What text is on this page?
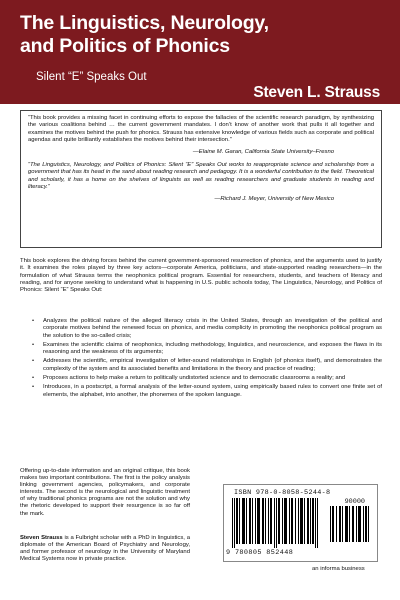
The Linguistics, Neurology,
and Politics of Phonics
Silent “E” Speaks Out
Steven L. Strauss

“This book provides a missing facet in continuing efforts to expose the fallacies of the scientific research paradigm, by synthesizing the various coalitions behind … the current government mandates. I don’t know of another work that pulls it all together and examines the motives behind the push for phonics. Strauss has extensive knowledge of various fields such as corporate and political agendas and quite brilliantly establishes the motives behind their intersection.”

—Elaine M. Garan, California State University–Fresno

“The Linguistics, Neurology, and Politics of Phonics: Silent “E” Speaks Out works to reappropriate science and scholarship from a government that has its head in the sand about reading research and pedagogy. It is a wonderful contribution to the field. Theoretical and scholarly, it has a home on the shelves of linguists as well as reading researchers and graduate students in reading and literacy.”

—Richard J. Meyer, University of New Mexico

This book explores the driving forces behind the current government-sponsored resurrection of phonics, and the arguments used to justify it. It examines the roles played by three key actors—corporate America, politicians, and state-supported reading researchers—in the formulation of what Strauss terms the neophonics political program. Essential for researchers, students, and teachers of literacy and reading, and for anyone seeking to understand what is happening in U.S. public schools today, The Linguistics, Neurology, and Politics of Phonics: Silent “E” Speaks Out:

• Analyzes the political nature of the alleged literacy crisis in the United States, through an investigation of the political and corporate motives behind the renewed focus on phonics, and media complicity in promoting the neophonics political program as the solution to the so-called crisis;
• Examines the scientific claims of neophonics, including methodology, linguistics, and neuroscience, and exposes the flaws in its reasoning and the weakness of its arguments;
• Addresses the scientific, empirical investigation of letter-sound relationships in English (of phonics itself), and demonstrates the complexity of the system and its associated benefits and limitations in the theory and practice of reading;
• Proposes actions to help make a return to politically undistorted science and to democratic classrooms a reality; and
• Introduces, in a postscript, a formal analysis of the letter-sound system, using empirically based rules to convert one finite set of elements, the alphabet, into another, the phonemes of the spoken language.

Offering up-to-date information and an original critique, this book makes two important contributions. The first is the policy analysis linking government agencies, policymakers, and corporate interests. The second is the neurological and linguistic treatment of why traditional phonics programs are not the solution and why the rhetoric developed to support their resurgence is so far off the mark.

Steven Strauss is a Fulbright scholar with a PhD in linguistics, a diplomate of the American Board of Psychiatry and Neurology, and former professor of neurology in the University of Maryland Medical Systems now in private practice.

ISBN 978-0-8058-5244-8
90000
9 780805 852448
an informa business
